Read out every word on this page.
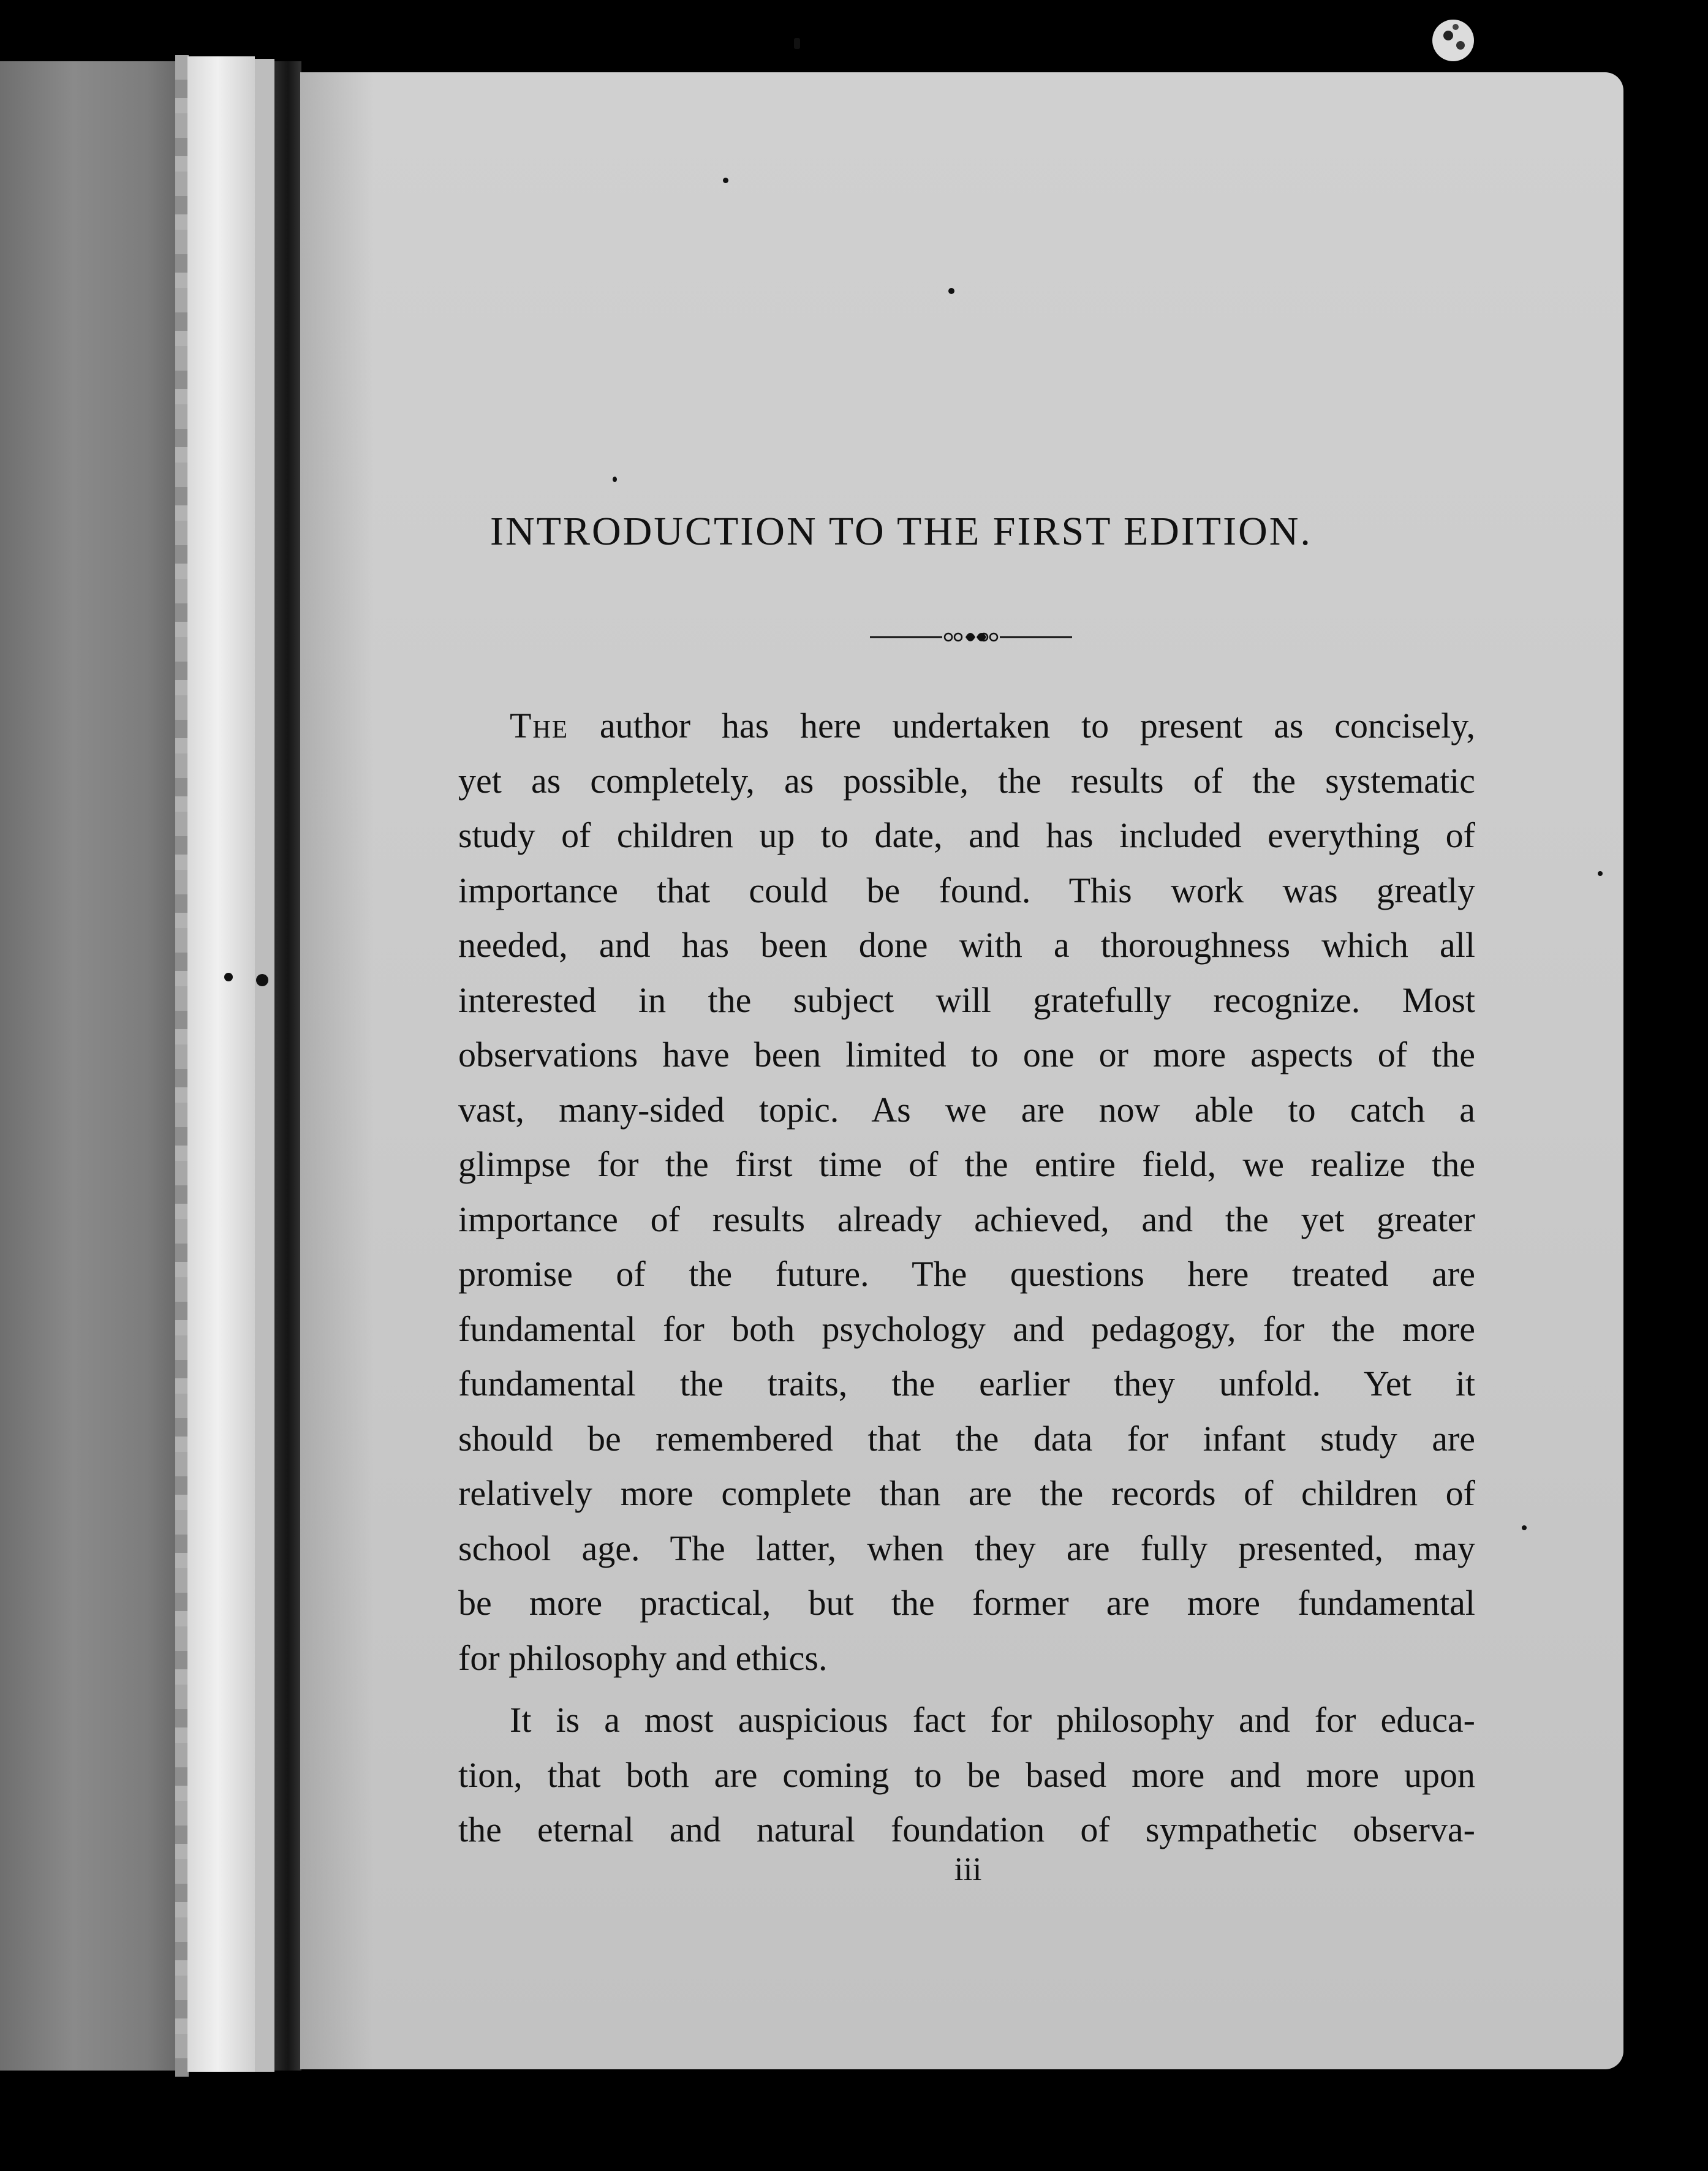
INTRODUCTION TO THE FIRST EDITION.
The author has here undertaken to present as concisely,
yet as completely, as possible, the results of the systematic
study of children up to date, and has included everything of
importance that could be found. This work was greatly
needed, and has been done with a thoroughness which all
interested in the subject will gratefully recognize. Most
observations have been limited to one or more aspects of the
vast, many-sided topic. As we are now able to catch a
glimpse for the first time of the entire field, we realize the
importance of results already achieved, and the yet greater
promise of the future. The questions here treated are
fundamental for both psychology and pedagogy, for the more
fundamental the traits, the earlier they unfold. Yet it
should be remembered that the data for infant study are
relatively more complete than are the records of children of
school age. The latter, when they are fully presented, may
be more practical, but the former are more fundamental
for philosophy and ethics.
It is a most auspicious fact for philosophy and for educa-
tion, that both are coming to be based more and more upon
the eternal and natural foundation of sympathetic observa-
iii
